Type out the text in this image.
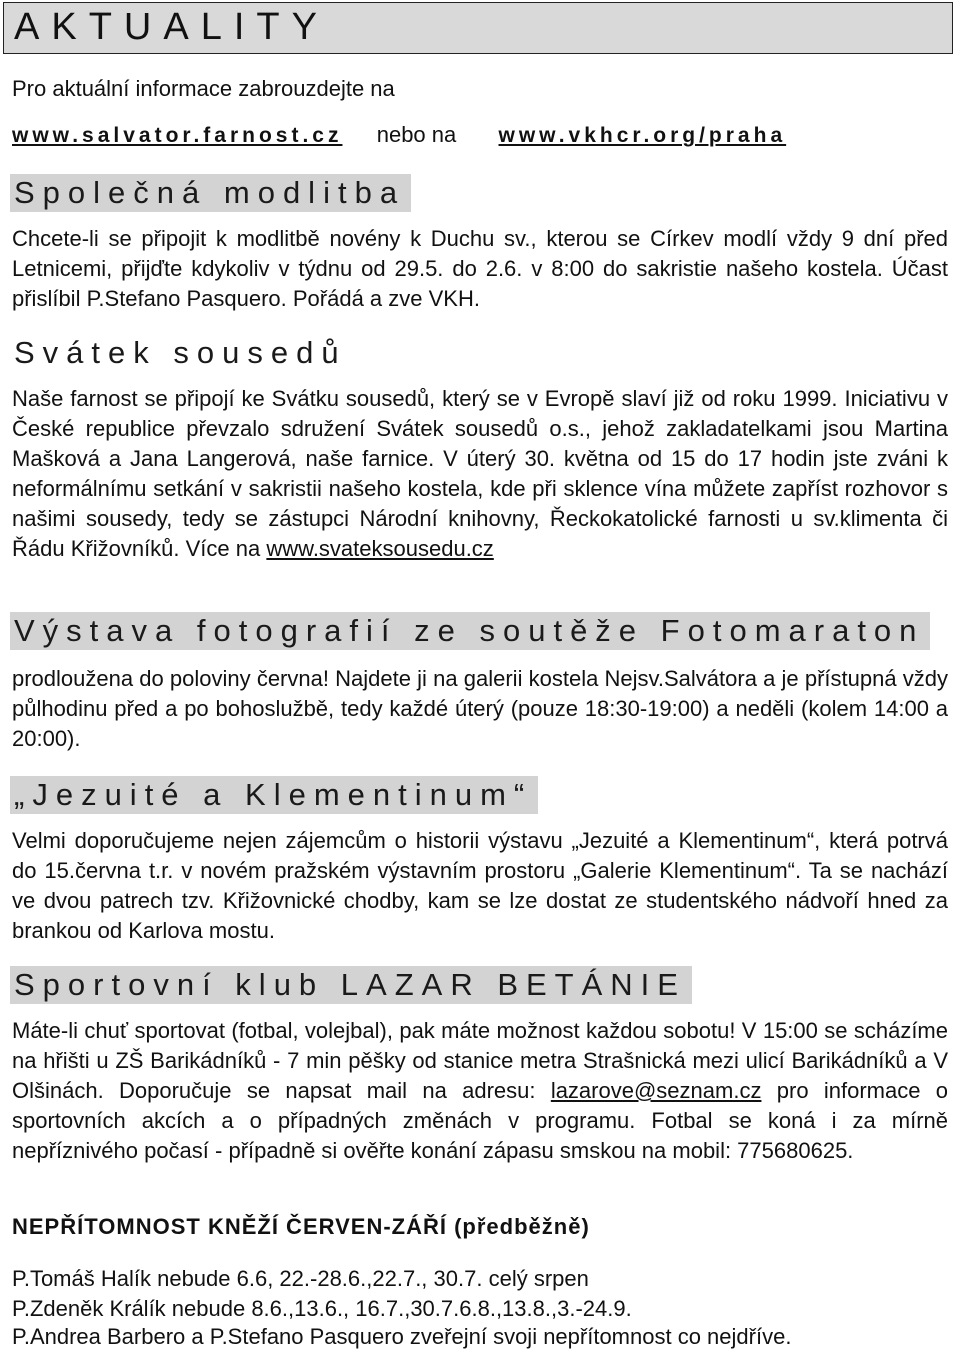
AKTUALITY
Pro aktuální informace zabrouzdejte na
www.salvator.farnost.cz nebo na www.vkhcr.org/praha
Společná modlitba
Chcete-li se připojit k modlitbě novény k Duchu sv., kterou se Církev modlí vždy 9 dní před Letnicemi, přijďte kdykoliv v týdnu od 29.5. do 2.6. v 8:00 do sakristie našeho kostela. Účast přislíbil P.Stefano Pasquero. Pořádá a zve VKH.
Svátek sousedů
Naše farnost se připojí ke Svátku sousedů, který se v Evropě slaví již od roku 1999. Iniciativu v České republice převzalo sdružení Svátek sousedů o.s., jehož zakladatelkami jsou Martina Mašková a Jana Langerová, naše farnice. V úterý 30. května od 15 do 17 hodin jste zváni k neformálnímu setkání v sakristii našeho kostela, kde při sklence vína můžete zapříst rozhovor s našimi sousedy, tedy se zástupci Národní knihovny, Řeckokatolické farnosti u sv.klimenta či Řádu Křižovníků. Více na www.svateksousedu.cz
Výstava fotografií ze soutěže Fotomaraton
prodloužena do poloviny června! Najdete ji na galerii kostela Nejsv.Salvátora a je přístupná vždy půlhodinu před a po bohoslužbě, tedy každé úterý (pouze 18:30-19:00) a neděli (kolem 14:00 a 20:00).
„Jezuité a Klementinum“
Velmi doporučujeme nejen zájemcům o historii výstavu „Jezuité a Klementinum“, která potrvá do 15.června t.r. v novém pražském výstavním prostoru „Galerie Klementinum“. Ta se nachází ve dvou patrech tzv. Křižovnické chodby, kam se lze dostat ze studentského nádvoří hned za brankou od Karlova mostu.
Sportovní klub LAZAR BETÁNIE
Máte-li chuť sportovat (fotbal, volejbal), pak máte možnost každou sobotu! V 15:00 se scházíme na hřišti u ZŠ Barikádníků - 7 min pěšky od stanice metra Strašnická mezi ulicí Barikádníků a V Olšinách. Doporučuje se napsat mail na adresu: lazarove@seznam.cz pro informace o sportovních akcích a o případných změnách v programu. Fotbal se koná i za mírně nepříznivého počasí - případně si ověřte konání zápasu smskou na mobil: 775680625.
NEPŘÍTOMNOST KNĚŽÍ ČERVEN-ZÁŘÍ (předběžně)
P.Tomáš Halík nebude 6.6, 22.-28.6.,22.7., 30.7. celý srpen
P.Zdeněk Králík nebude 8.6.,13.6., 16.7.,30.7.6.8.,13.8.,3.-24.9.
P.Andrea Barbero a P.Stefano Pasquero zveřejní svoji nepřítomnost co nejdříve.
